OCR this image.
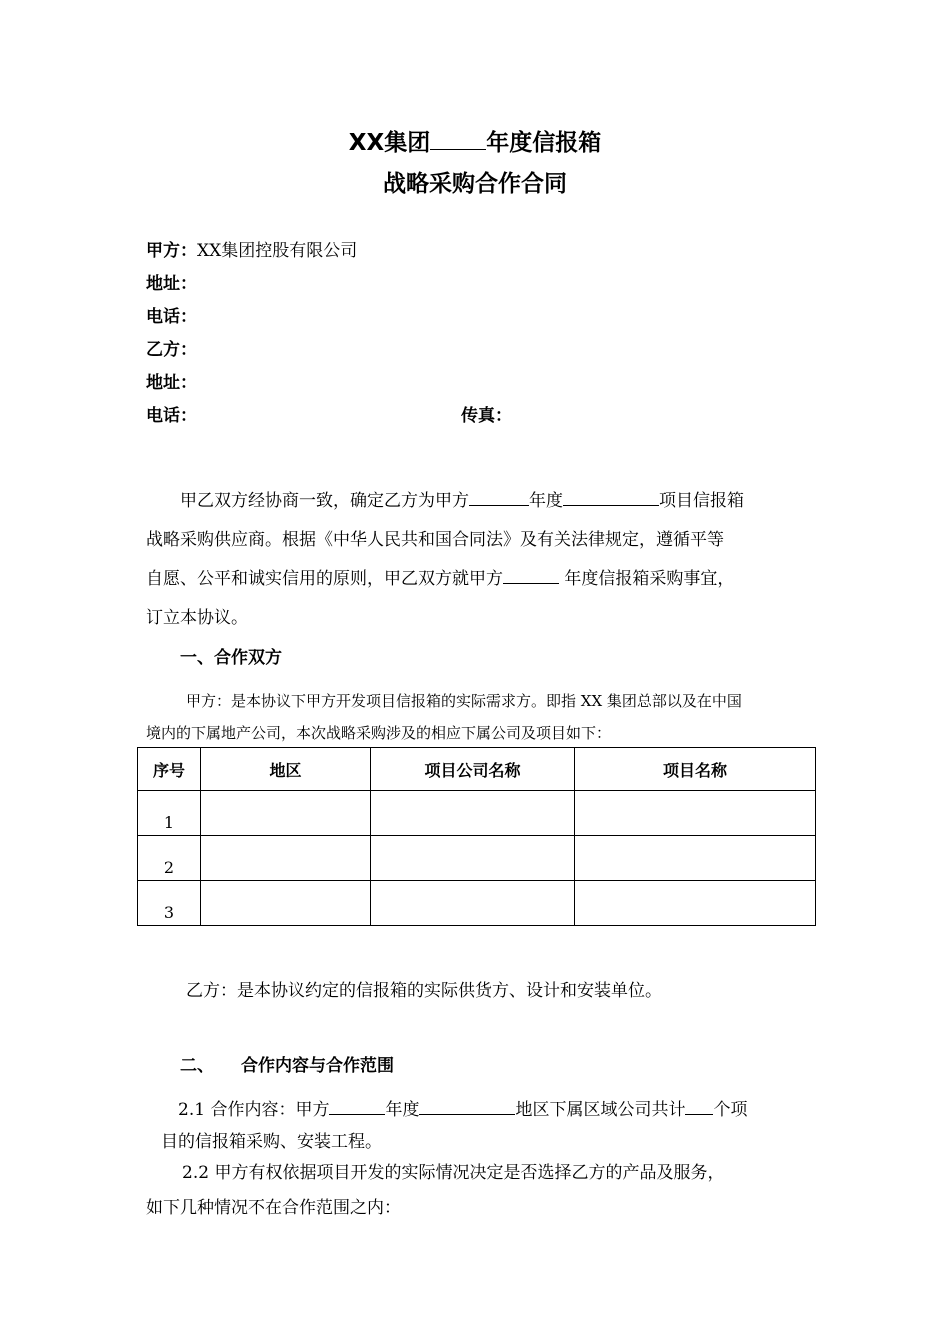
XX集团 年度信报箱
战略采购合作合同
甲方：XX集团控股有限公司
地址：
电话：
乙方：
地址：
电话：	传真：
甲乙双方经协商一致，确定乙方为甲方	年度	项目信报箱
战略采购供应商。根据《中华人民共和国合同法》及有关法律规定，遵循平等
自愿、公平和诚实信用的原则，甲乙双方就甲方	年度信报箱采购事宜，
订立本协议。
一、合作双方
甲方：是本协议下甲方开发项目信报箱的实际需求方。即指 XX 集团总部以及在中国
境内的下属地产公司，本次战略采购涉及的相应下属公司及项目如下：
序号	地区	项目公司名称	项目名称
1			
2			
3			
乙方：是本协议约定的信报箱的实际供货方、设计和安装单位。
二、 合作内容与合作范围
2.1 合作内容：甲方	年度	地区下属区域公司共计 个项
目的信报箱采购、安装工程。
2.2 甲方有权依据项目开发的实际情况决定是否选择乙方的产品及服务，
如下几种情况不在合作范围之内：
